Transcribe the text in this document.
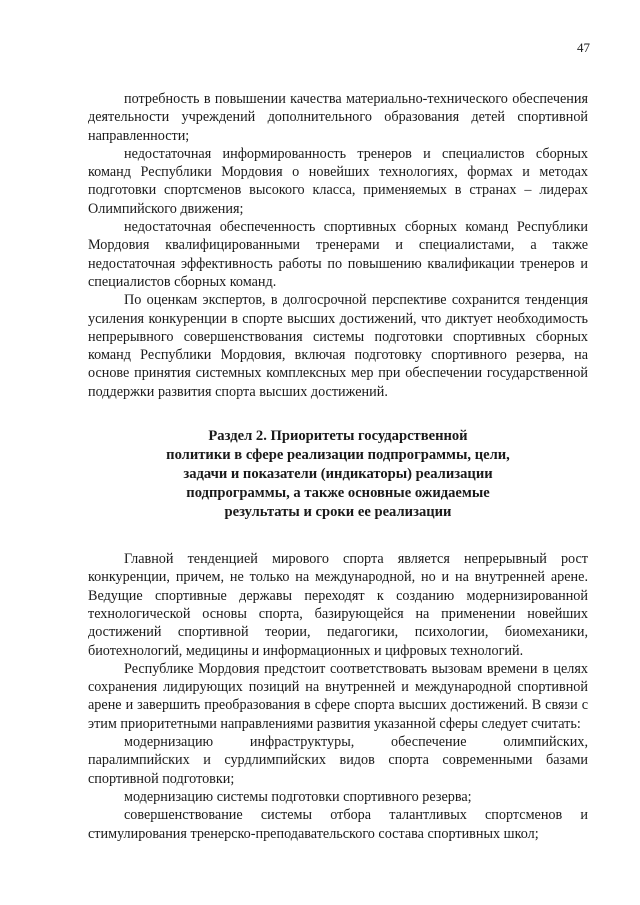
47

потребность в повышении качества материально-технического обеспечения деятельности учреждений дополнительного образования детей спортивной направленности;

недостаточная информированность тренеров и специалистов сборных команд Республики Мордовия о новейших технологиях, формах и методах подготовки спортсменов высокого класса, применяемых в странах – лидерах Олимпийского движения;

недостаточная обеспеченность спортивных сборных команд Республики Мордовия квалифицированными тренерами и специалистами, а также недостаточная эффективность работы по повышению квалификации тренеров и специалистов сборных команд.

По оценкам экспертов, в долгосрочной перспективе сохранится тенденция усиления конкуренции в спорте высших достижений, что диктует необходимость непрерывного совершенствования системы подготовки спортивных сборных команд Республики Мордовия, включая подготовку спортивного резерва, на основе принятия системных комплексных мер при обеспечении государственной поддержки развития спорта высших достижений.

Раздел 2. Приоритеты государственной
политики в сфере реализации подпрограммы, цели,
задачи и показатели (индикаторы) реализации
подпрограммы, а также основные ожидаемые
результаты и сроки ее реализации

Главной тенденцией мирового спорта является непрерывный рост конкуренции, причем, не только на международной, но и на внутренней арене. Ведущие спортивные державы переходят к созданию модернизированной технологической основы спорта, базирующейся на применении новейших достижений спортивной теории, педагогики, психологии, биомеханики, биотехнологий, медицины и информационных и цифровых технологий.

Республике Мордовия предстоит соответствовать вызовам времени в целях сохранения лидирующих позиций на внутренней и международной спортивной арене и завершить преобразования в сфере спорта высших достижений. В связи с этим приоритетными направлениями развития указанной сферы следует считать:

модернизацию инфраструктуры, обеспечение олимпийских, паралимпийских и сурдлимпийских видов спорта современными базами спортивной подготовки;

модернизацию системы подготовки спортивного резерва;

совершенствование системы отбора талантливых спортсменов и стимулирования тренерско-преподавательского состава спортивных школ;
